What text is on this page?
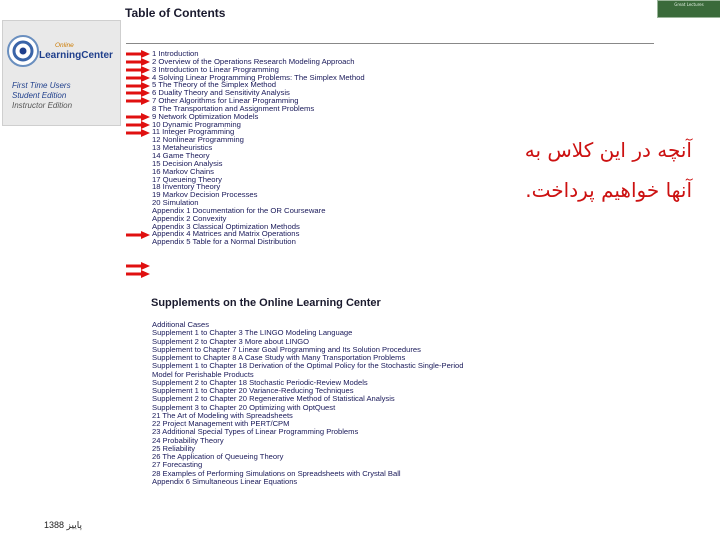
Great Lectures
Online
LearningCenter
First Time Users
Student Edition
Instructor Edition
Table of Contents
1 Introduction
2 Overview of the Operations Research Modeling Approach
3 Introduction to Linear Programming
4 Solving Linear Programming Problems: The Simplex Method
5 The Theory of the Simplex Method
6 Duality Theory and Sensitivity Analysis
7 Other Algorithms for Linear Programming
8 The Transportation and Assignment Problems
9 Network Optimization Models
10 Dynamic Programming
11 Integer Programming
12 Nonlinear Programming
13 Metaheuristics
14 Game Theory
15 Decision Analysis
16 Markov Chains
17 Queueing Theory
18 Inventory Theory
19 Markov Decision Processes
20 Simulation
Appendix 1 Documentation for the OR Courseware
Appendix 2 Convexity
Appendix 3 Classical Optimization Methods
Appendix 4 Matrices and Matrix Operations
Appendix 5 Table for a Normal Distribution
Supplements on the Online Learning Center
Additional Cases
Supplement 1 to Chapter 3 The LINGO Modeling Language
Supplement 2 to Chapter 3 More about LINGO
Supplement to Chapter 7 Linear Goal Programming and Its Solution Procedures
Supplement to Chapter 8 A Case Study with Many Transportation Problems
Supplement 1 to Chapter 18 Derivation of the Optimal Policy for the Stochastic Single-Period
Model for Perishable Products
Supplement 2 to Chapter 18 Stochastic Periodic-Review Models
Supplement 1 to Chapter 20 Variance-Reducing Techniques
Supplement 2 to Chapter 20 Regenerative Method of Statistical Analysis
Supplement 3 to Chapter 20 Optimizing with OptQuest
21 The Art of Modeling with Spreadsheets
22 Project Management with PERT/CPM
23 Additional Special Types of Linear Programming Problems
24 Probability Theory
25 Reliability
26 The Application of Queueing Theory
27 Forecasting
28 Examples of Performing Simulations on Spreadsheets with Crystal Ball
Appendix 6 Simultaneous Linear Equations
آنچه در این کلاس به
آنها خواهیم پرداخت.
پاییز 1388
